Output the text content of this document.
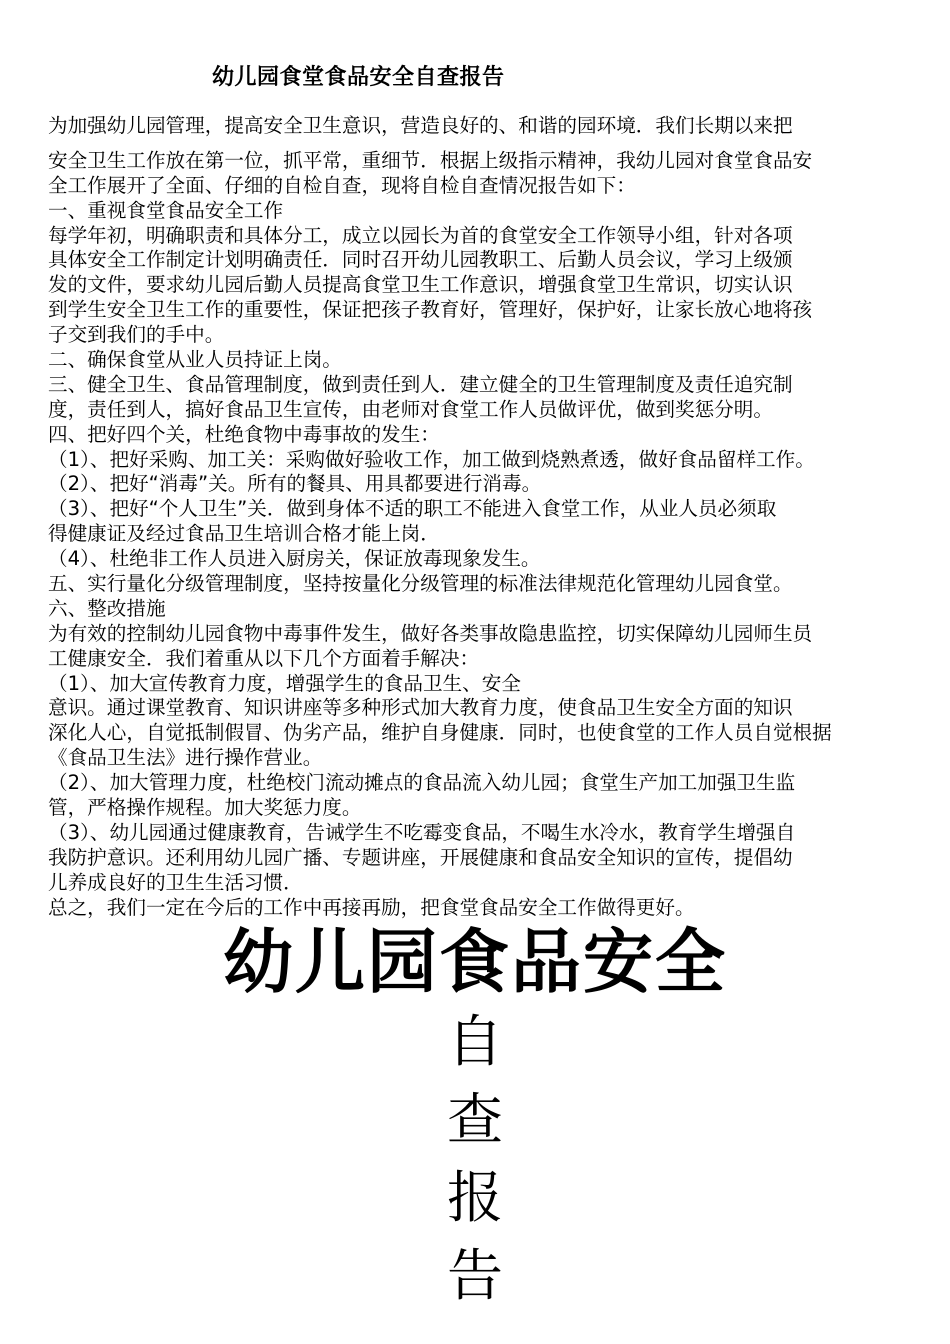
幼儿园食堂食品安全自查报告
为加强幼儿园管理，提高安全卫生意识，营造良好的、和谐的园环境．我们长期以来把
安全卫生工作放在第一位，抓平常，重细节．根据上级指示精神，我幼儿园对食堂食品安
全工作展开了全面、仔细的自检自查，现将自检自查情况报告如下：
一、重视食堂食品安全工作
每学年初，明确职责和具体分工，成立以园长为首的食堂安全工作领导小组，针对各项
具体安全工作制定计划明确责任．同时召开幼儿园教职工、后勤人员会议，学习上级颁
发的文件，要求幼儿园后勤人员提高食堂卫生工作意识，增强食堂卫生常识，切实认识
到学生安全卫生工作的重要性，保证把孩子教育好，管理好，保护好，让家长放心地将孩
子交到我们的手中。
二、确保食堂从业人员持证上岗。
三、健全卫生、食品管理制度，做到责任到人．建立健全的卫生管理制度及责任追究制
度，责任到人，搞好食品卫生宣传，由老师对食堂工作人员做评优，做到奖惩分明。
四、把好四个关，杜绝食物中毒事故的发生：
（1）、把好采购、加工关：采购做好验收工作，加工做到烧熟煮透，做好食品留样工作。
（2）、把好“消毒”关。所有的餐具、用具都要进行消毒。
（3）、把好“个人卫生”关．做到身体不适的职工不能进入食堂工作，从业人员必须取
得健康证及经过食品卫生培训合格才能上岗．
（4）、杜绝非工作人员进入厨房关，保证放毒现象发生。
五、实行量化分级管理制度，坚持按量化分级管理的标准法律规范化管理幼儿园食堂。
六、整改措施
为有效的控制幼儿园食物中毒事件发生，做好各类事故隐患监控，切实保障幼儿园师生员
工健康安全．我们着重从以下几个方面着手解决：
（1）、加大宣传教育力度，增强学生的食品卫生、安全
意识。通过课堂教育、知识讲座等多种形式加大教育力度，使食品卫生安全方面的知识
深化人心，自觉抵制假冒、伪劣产品，维护自身健康．同时，也使食堂的工作人员自觉根据
《食品卫生法》进行操作营业。
（2）、加大管理力度，杜绝校门流动摊点的食品流入幼儿园；食堂生产加工加强卫生监
管，严格操作规程。加大奖惩力度。
（3）、幼儿园通过健康教育，告诫学生不吃霉变食品，不喝生水冷水，教育学生增强自
我防护意识。还利用幼儿园广播、专题讲座，开展健康和食品安全知识的宣传，提倡幼
儿养成良好的卫生生活习惯．
总之，我们一定在今后的工作中再接再励，把食堂食品安全工作做得更好。
幼儿园食品安全
自
查
报
告
